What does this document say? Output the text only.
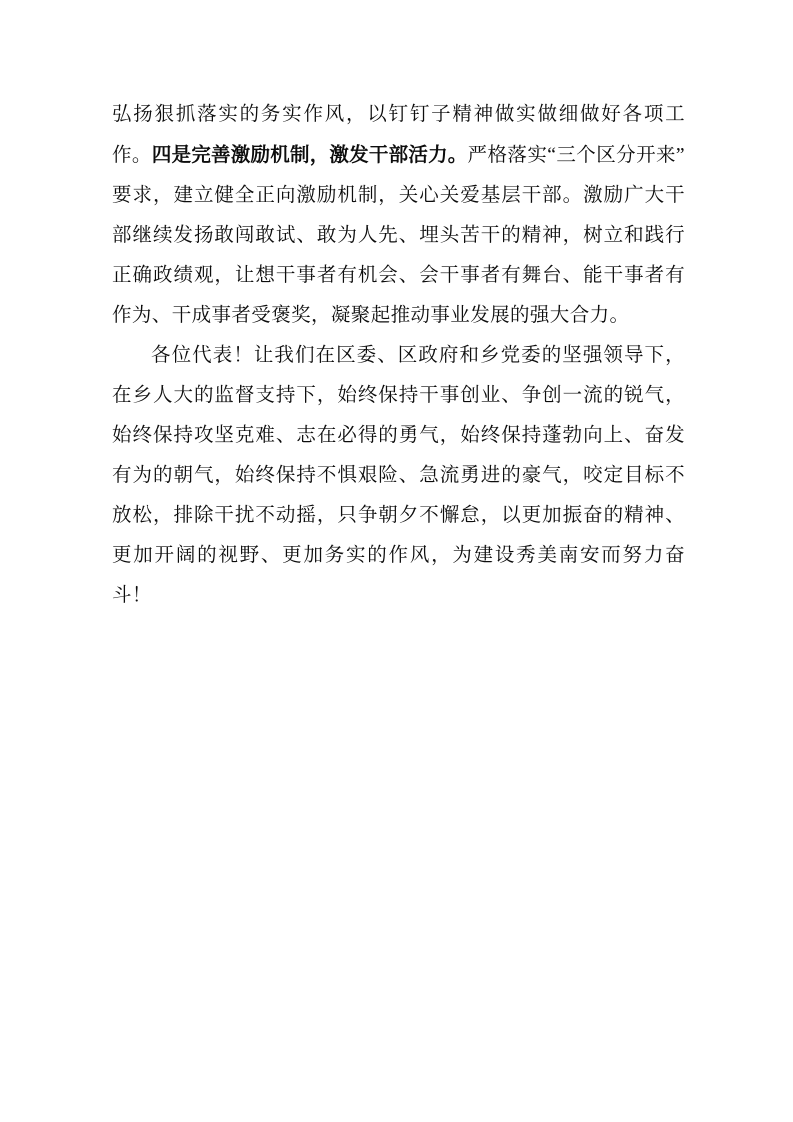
弘扬狠抓落实的务实作风，以钉钉子精神做实做细做好各项工作。四是完善激励机制，激发干部活力。严格落实“三个区分开来”要求，建立健全正向激励机制，关心关爱基层干部。激励广大干部继续发扬敢闯敢试、敢为人先、埋头苦干的精神，树立和践行正确政绩观，让想干事者有机会、会干事者有舞台、能干事者有作为、干成事者受褒奖，凝聚起推动事业发展的强大合力。

各位代表！让我们在区委、区政府和乡党委的坚强领导下，在乡人大的监督支持下，始终保持干事创业、争创一流的锐气，始终保持攻坚克难、志在必得的勇气，始终保持蓬勃向上、奋发有为的朝气，始终保持不惧艰险、急流勇进的豪气，咬定目标不放松，排除干扰不动摇，只争朝夕不懈怠，以更加振奋的精神、更加开阔的视野、更加务实的作风，为建设秀美南安而努力奋斗！
